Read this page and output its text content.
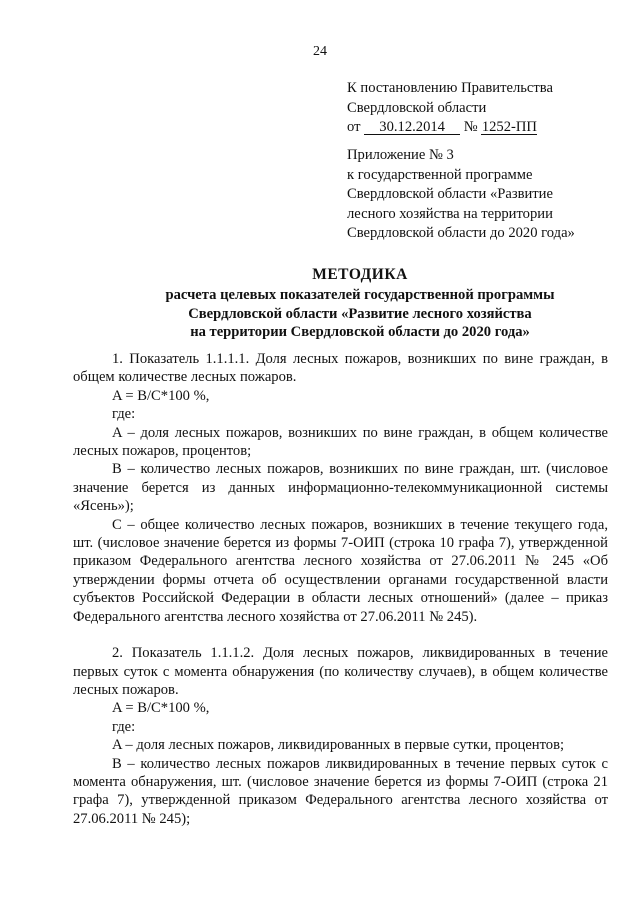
24
К постановлению Правительства
Свердловской области
от 30.12.2014 № 1252-ПП
Приложение № 3
к государственной программе
Свердловской области «Развитие
лесного хозяйства на территории
Свердловской области до 2020 года»
МЕТОДИКА
расчета целевых показателей государственной программы
Свердловской области «Развитие лесного хозяйства
на территории Свердловской области до 2020 года»

1. Показатель 1.1.1.1. Доля лесных пожаров, возникших по вине граждан, в общем количестве лесных пожаров.

A = B/C*100 %,

где:

A – доля лесных пожаров, возникших по вине граждан, в общем количестве лесных пожаров, процентов;

B – количество лесных пожаров, возникших по вине граждан, шт. (числовое значение берется из данных информационно-телекоммуникационной системы «Ясень»);

C – общее количество лесных пожаров, возникших в течение текущего года, шт. (числовое значение берется из формы 7-ОИП (строка 10 графа 7), утвержденной приказом Федерального агентства лесного хозяйства от 27.06.2011 № 245 «Об утверждении формы отчета об осуществлении органами государственной власти субъектов Российской Федерации в области лесных отношений» (далее – приказ Федерального агентства лесного хозяйства от 27.06.2011 № 245).

2. Показатель 1.1.1.2. Доля лесных пожаров, ликвидированных в течение первых суток с момента обнаружения (по количеству случаев), в общем количестве лесных пожаров.

A = B/C*100 %,

где:

A – доля лесных пожаров, ликвидированных в первые сутки, процентов;

B – количество лесных пожаров ликвидированных в течение первых суток с момента обнаружения, шт. (числовое значение берется из формы 7-ОИП (строка 21 графа 7), утвержденной приказом Федерального агентства лесного хозяйства от 27.06.2011 № 245);
